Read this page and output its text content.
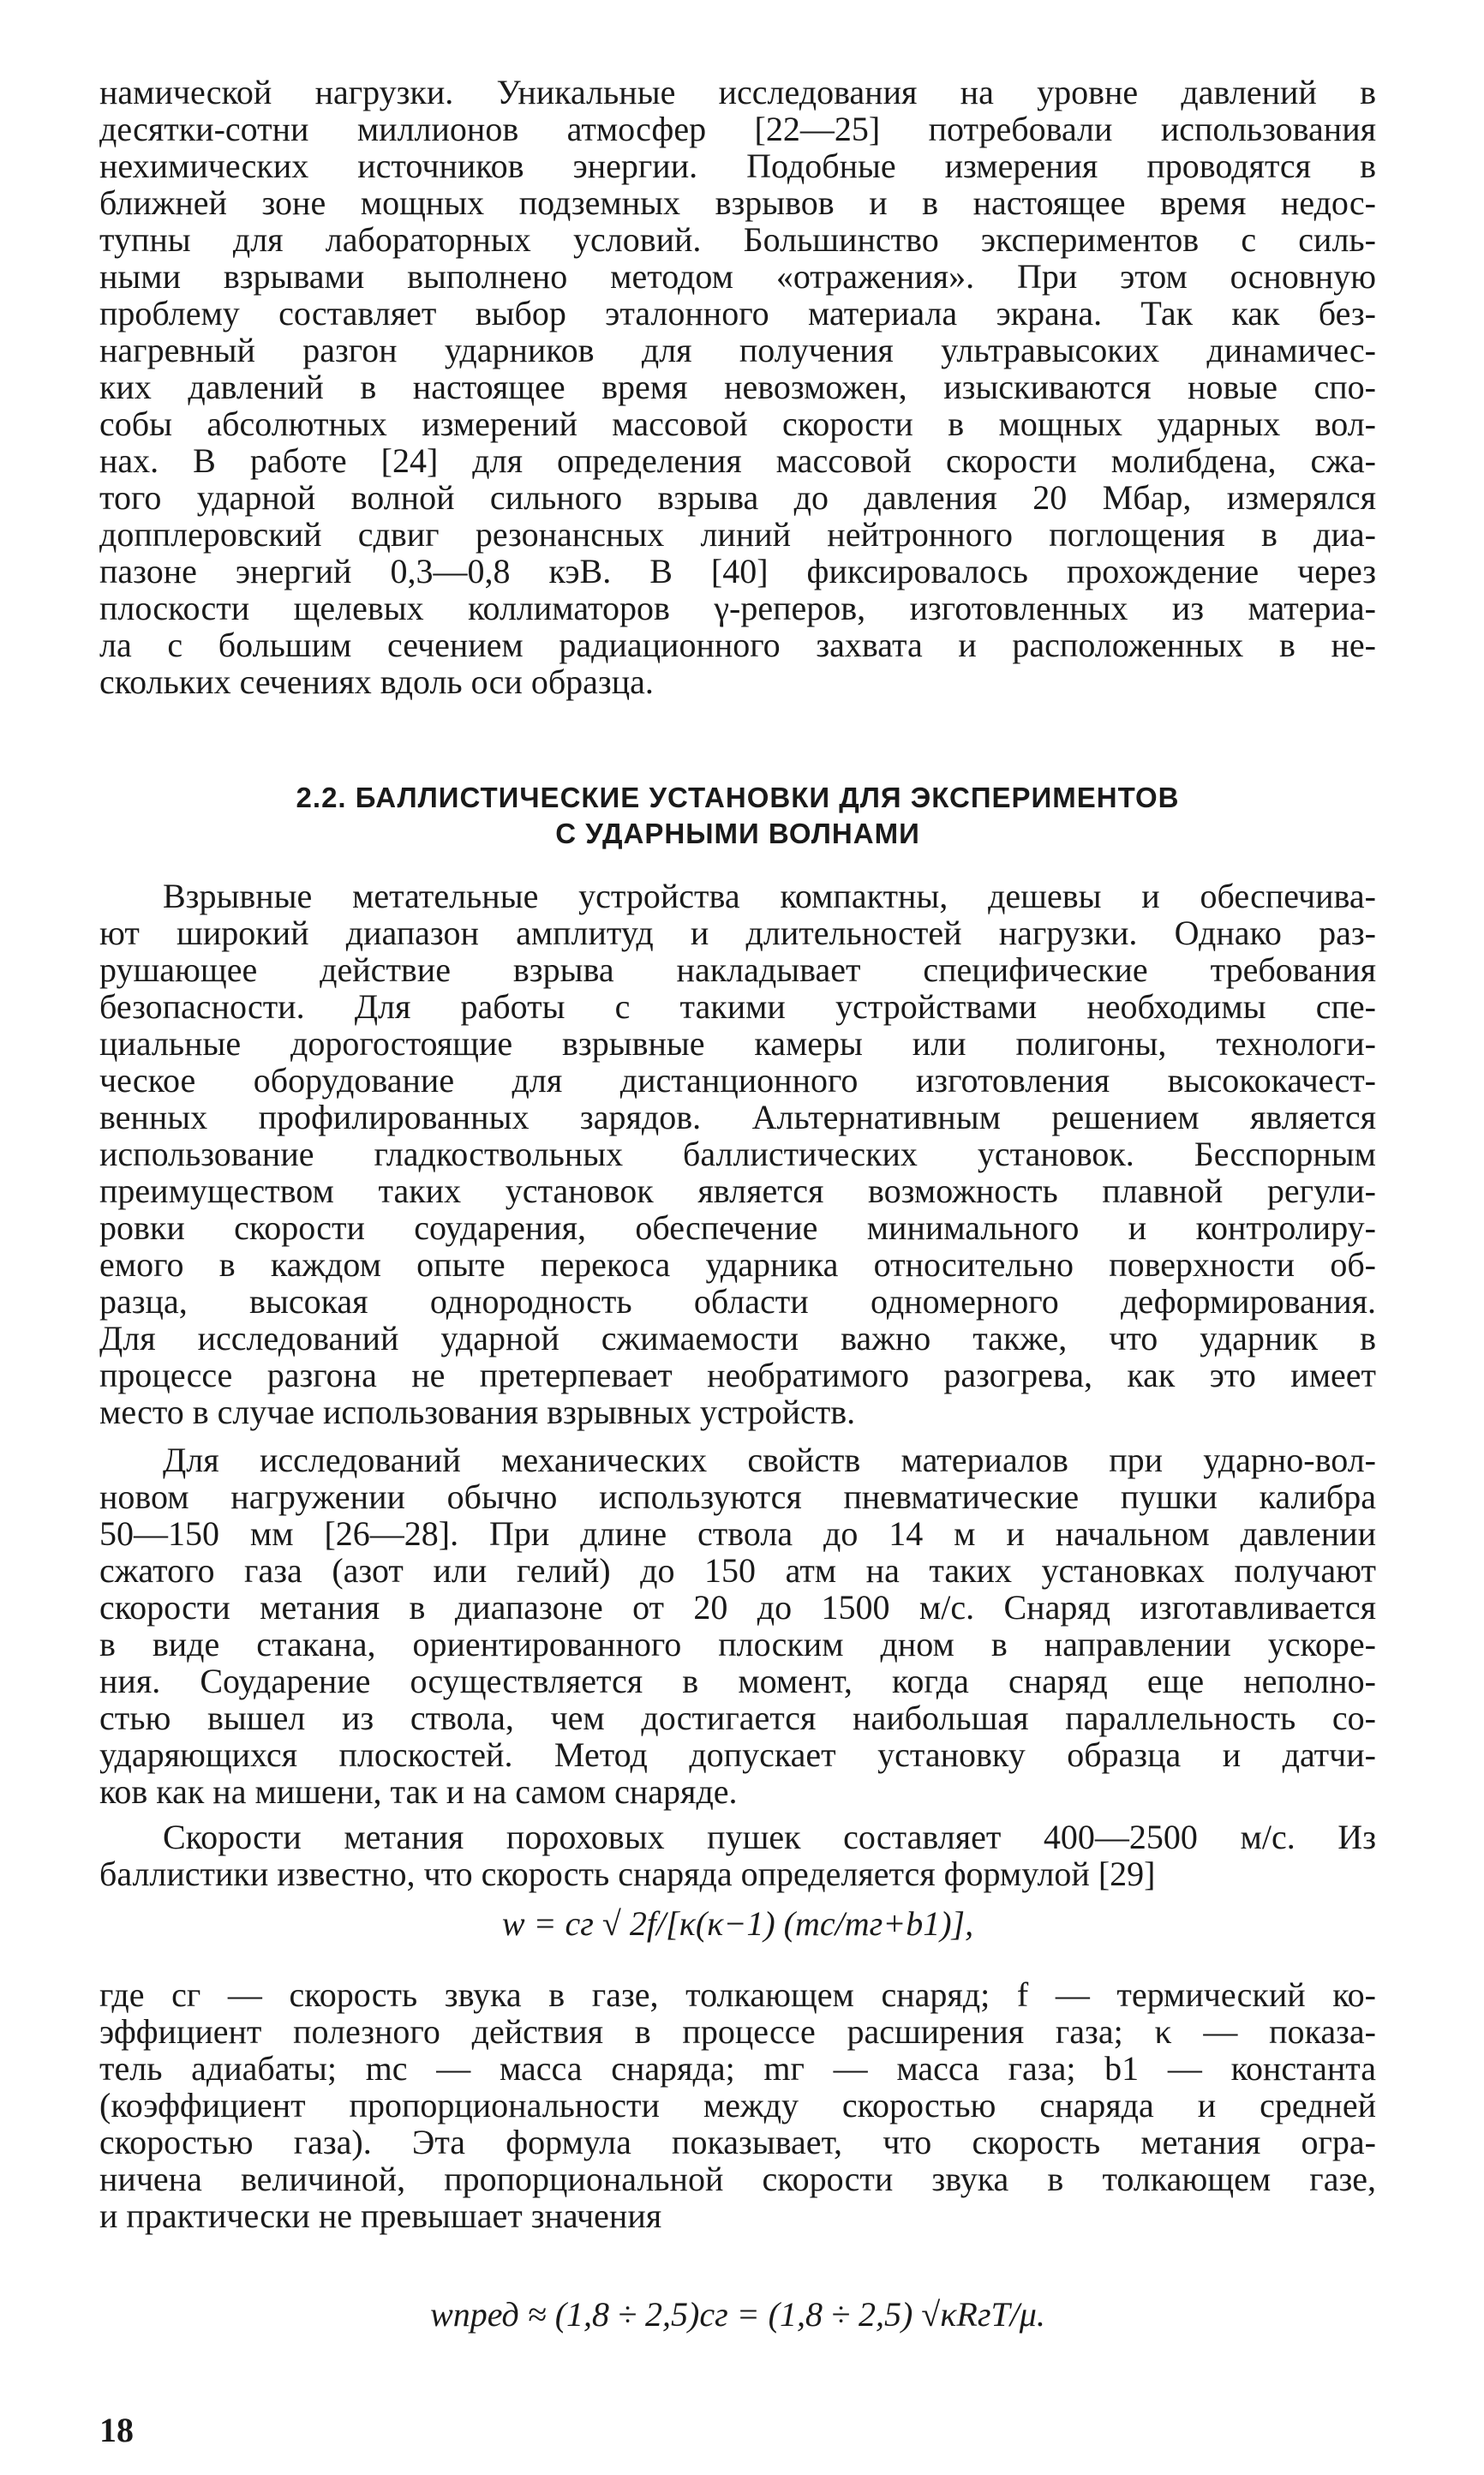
намической нагрузки. Уникальные исследования на уровне давлений в
десятки-сотни миллионов атмосфер [22—25] потребовали использования
нехимических источников энергии. Подобные измерения проводятся в
ближней зоне мощных подземных взрывов и в настоящее время недос-
тупны для лабораторных условий. Большинство экспериментов с силь-
ными взрывами выполнено методом «отражения». При этом основную
проблему составляет выбор эталонного материала экрана. Так как без-
нагревный разгон ударников для получения ультравысоких динамичес-
ких давлений в настоящее время невозможен, изыскиваются новые спо-
собы абсолютных измерений массовой скорости в мощных ударных вол-
нах. В работе [24] для определения массовой скорости молибдена, сжа-
того ударной волной сильного взрыва до давления 20 Мбар, измерялся
допплеровский сдвиг резонансных линий нейтронного поглощения в диа-
пазоне энергий 0,3—0,8 кэВ. В [40] фиксировалось прохождение через
плоскости щелевых коллиматоров γ-реперов, изготовленных из материа-
ла с большим сечением радиационного захвата и расположенных в не-
скольких сечениях вдоль оси образца.
2.2. БАЛЛИСТИЧЕСКИЕ УСТАНОВКИ ДЛЯ ЭКСПЕРИМЕНТОВ
С УДАРНЫМИ ВОЛНАМИ
Взрывные метательные устройства компактны, дешевы и обеспечива-
ют широкий диапазон амплитуд и длительностей нагрузки. Однако раз-
рушающее действие взрыва накладывает специфические требования
безопасности. Для работы с такими устройствами необходимы спе-
циальные дорогостоящие взрывные камеры или полигоны, технологи-
ческое оборудование для дистанционного изготовления высококачест-
венных профилированных зарядов. Альтернативным решением является
использование гладкоствольных баллистических установок. Бесспорным
преимуществом таких установок является возможность плавной регули-
ровки скорости соударения, обеспечение минимального и контролиру-
емого в каждом опыте перекоса ударника относительно поверхности об-
разца, высокая однородность области одномерного деформирования.
Для исследований ударной сжимаемости важно также, что ударник в
процессе разгона не претерпевает необратимого разогрева, как это имеет
место в случае использования взрывных устройств.
Для исследований механических свойств материалов при ударно-вол-
новом нагружении обычно используются пневматические пушки калибра
50—150 мм [26—28]. При длине ствола до 14 м и начальном давлении
сжатого газа (азот или гелий) до 150 атм на таких установках получают
скорости метания в диапазоне от 20 до 1500 м/с. Снаряд изготавливается
в виде стакана, ориентированного плоским дном в направлении ускоре-
ния. Соударение осуществляется в момент, когда снаряд еще неполно-
стью вышел из ствола, чем достигается наибольшая параллельность со-
ударяющихся плоскостей. Метод допускает установку образца и датчи-
ков как на мишени, так и на самом снаряде.
Скорости метания пороховых пушек составляет 400—2500 м/с. Из
баллистики известно, что скорость снаряда определяется формулой [29]
w = cг √ 2f/[κ(κ−1) (mc/mг+b1)],
где cг — скорость звука в газе, толкающем снаряд; f — термический ко-
эффициент полезного действия в процессе расширения газа; κ — показа-
тель адиабаты; mc — масса снаряда; mг — масса газа; b1 — константа
(коэффициент пропорциональности между скоростью снаряда и средней
скоростью газа). Эта формула показывает, что скорость метания огра-
ничена величиной, пропорциональной скорости звука в толкающем газе,
и практически не превышает значения
wпред ≈ (1,8 ÷ 2,5)cг = (1,8 ÷ 2,5) √κRгT/μ.
18
